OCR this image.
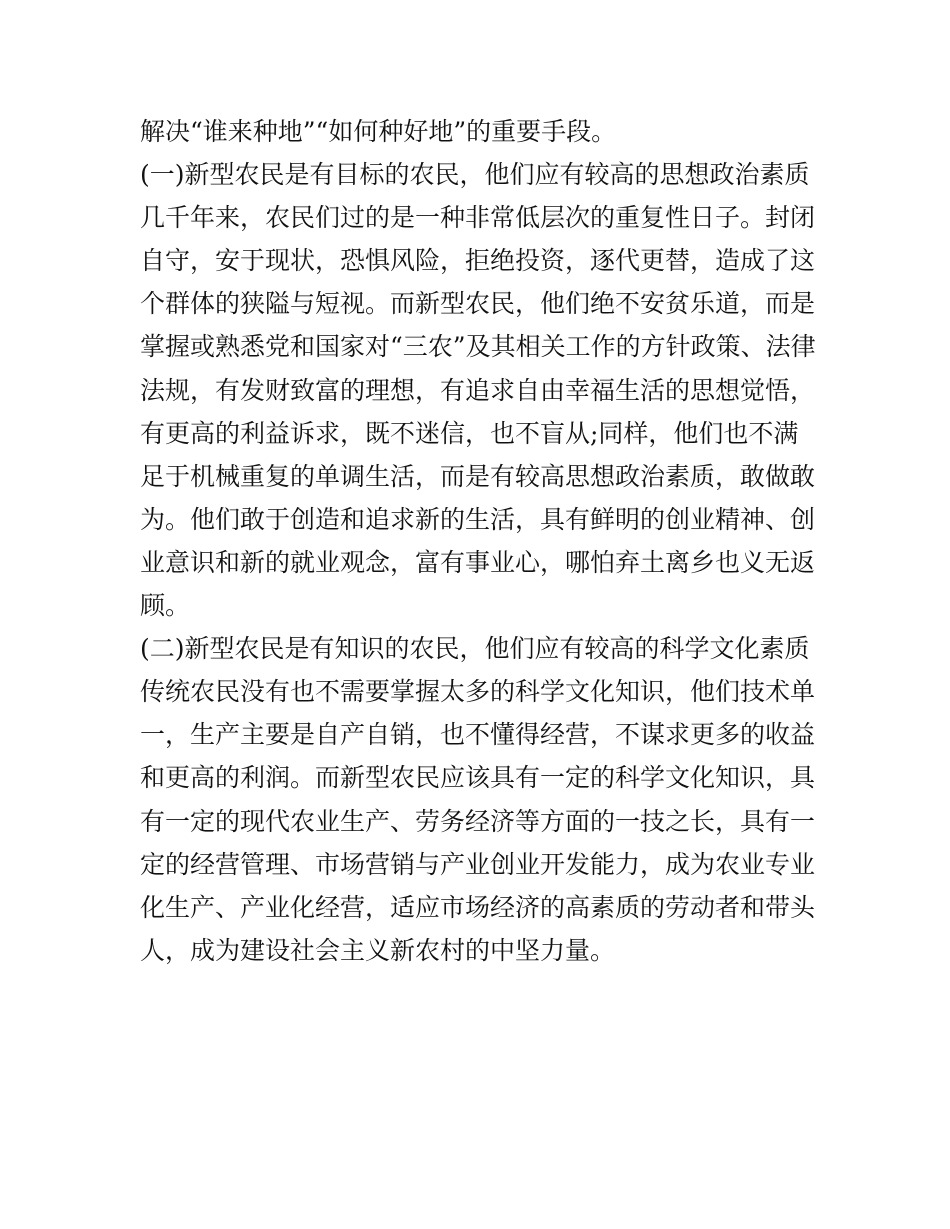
解决“谁来种地”“如何种好地”的重要手段。
(一)新型农民是有目标的农民，他们应有较高的思想政治素质
几千年来，农民们过的是一种非常低层次的重复性日子。封闭
自守，安于现状，恐惧风险，拒绝投资，逐代更替，造成了这
个群体的狭隘与短视。而新型农民，他们绝不安贫乐道，而是
掌握或熟悉党和国家对“三农”及其相关工作的方针政策、法律
法规，有发财致富的理想，有追求自由幸福生活的思想觉悟，
有更高的利益诉求，既不迷信，也不盲从;同样，他们也不满
足于机械重复的单调生活，而是有较高思想政治素质，敢做敢
为。他们敢于创造和追求新的生活，具有鲜明的创业精神、创
业意识和新的就业观念，富有事业心，哪怕弃土离乡也义无返
顾。
(二)新型农民是有知识的农民，他们应有较高的科学文化素质
传统农民没有也不需要掌握太多的科学文化知识，他们技术单
一，生产主要是自产自销，也不懂得经营，不谋求更多的收益
和更高的利润。而新型农民应该具有一定的科学文化知识，具
有一定的现代农业生产、劳务经济等方面的一技之长，具有一
定的经营管理、市场营销与产业创业开发能力，成为农业专业
化生产、产业化经营，适应市场经济的高素质的劳动者和带头
人，成为建设社会主义新农村的中坚力量。
